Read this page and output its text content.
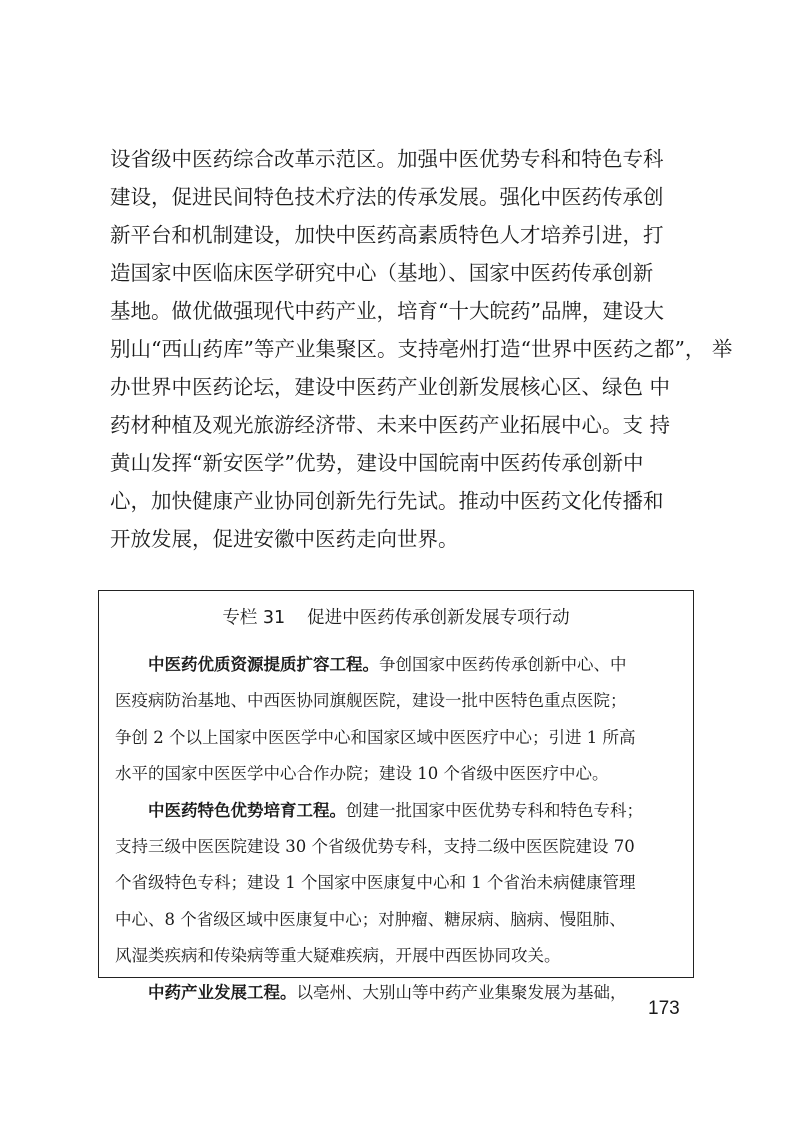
设省级中医药综合改革示范区。加强中医优势专科和特色专科
建设，促进民间特色技术疗法的传承发展。强化中医药传承创
新平台和机制建设，加快中医药高素质特色人才培养引进，打
造国家中医临床医学研究中心（基地）、国家中医药传承创新
基地。做优做强现代中药产业，培育“十大皖药”品牌，建设大
别山“西山药库”等产业集聚区。支持亳州打造“世界中医药之都”， 举
办世界中医药论坛，建设中医药产业创新发展核心区、绿色 中
药材种植及观光旅游经济带、未来中医药产业拓展中心。支 持
黄山发挥“新安医学”优势，建设中国皖南中医药传承创新中
心，加快健康产业协同创新先行先试。推动中医药文化传播和
开放发展，促进安徽中医药走向世界。
专栏 31 促进中医药传承创新发展专项行动
中医药优质资源提质扩容工程。争创国家中医药传承创新中心、中
医疫病防治基地、中西医协同旗舰医院，建设一批中医特色重点医院；
争创 2 个以上国家中医医学中心和国家区域中医医疗中心；引进 1 所高
水平的国家中医医学中心合作办院；建设 10 个省级中医医疗中心。
中医药特色优势培育工程。创建一批国家中医优势专科和特色专科；
支持三级中医医院建设 30 个省级优势专科，支持二级中医医院建设 70
个省级特色专科；建设 1 个国家中医康复中心和 1 个省治未病健康管理
中心、8 个省级区域中医康复中心；对肿瘤、糖尿病、脑病、慢阻肺、
风湿类疾病和传染病等重大疑难疾病，开展中西医协同攻关。
中药产业发展工程。以亳州、大别山等中药产业集聚发展为基础，
173
